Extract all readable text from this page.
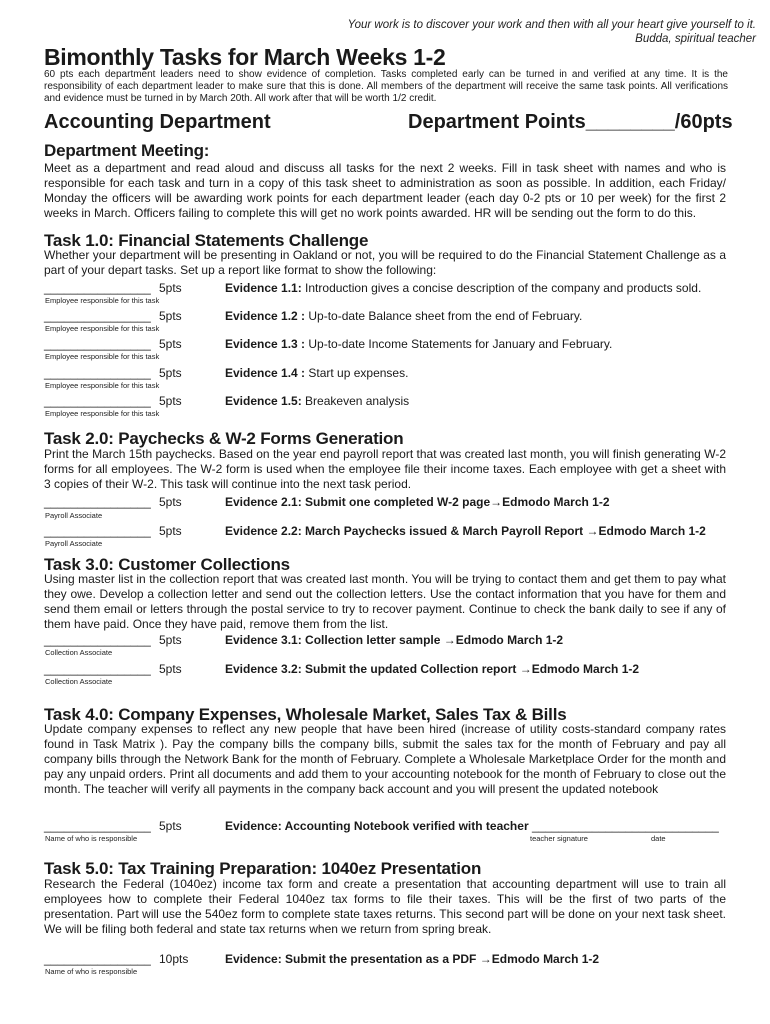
Your work is to discover your work and then with all your heart give yourself to it.
Budda, spiritual teacher
Bimonthly Tasks for March Weeks 1-2
60 pts each department leaders need to show evidence of completion. Tasks completed early can be turned in and verified at any time. It is the responsibility of each department leader to make sure that this is done. All members of the department will receive the same task points. All verifications and evidence must be turned in by March 20th. All work after that will be worth 1/2 credit.
Accounting Department	Department Points________/60pts
Department Meeting:
Meet as a department and read aloud and discuss all tasks for the next 2 weeks. Fill in task sheet with names and who is responsible for each task and turn in a copy of this task sheet to administration as soon as possible. In addition, each Friday/ Monday the officers will be awarding work points for each department leader (each day 0-2 pts or 10 per week) for the first 2 weeks in March. Officers failing to complete this will get no work points awarded. HR will be sending out the form to do this.
Task 1.0: Financial Statements Challenge
Whether your department will be presenting in Oakland or not, you will be required to do the Financial Statement Challenge as a part of your depart tasks. Set up a report like format to show the following:
________________ 5pts
Employee responsible for this task
Evidence 1.1: Introduction gives a concise description of the company and products sold.
________________ 5pts
Employee responsible for this task
Evidence 1.2 : Up-to-date Balance sheet from the end of February.
________________ 5pts
Employee responsible for this task
Evidence 1.3 : Up-to-date Income Statements for January and February.
________________ 5pts
Employee responsible for this task
Evidence 1.4 : Start up expenses.
________________ 5pts
Employee responsible for this task
Evidence 1.5: Breakeven analysis
Task 2.0: Paychecks & W-2 Forms Generation
Print the March 15th paychecks. Based on the year end payroll report that was created last month, you will finish generating W-2 forms for all employees. The W-2 form is used when the employee file their income taxes. Each employee with get a sheet with 3 copies of their W-2. This task will continue into the next task period.
________________ 5pts
Payroll Associate
Evidence 2.1: Submit one completed W-2 page→Edmodo March 1-2
________________ 5pts
Payroll Associate
Evidence 2.2: March Paychecks issued & March Payroll Report →Edmodo March 1-2
Task 3.0: Customer Collections
Using master list in the collection report that was created last month. You will be trying to contact them and get them to pay what they owe. Develop a collection letter and send out the collection letters. Use the contact information that you have for them and send them email or letters through the postal service to try to recover payment. Continue to check the bank daily to see if any of them have paid. Once they have paid, remove them from the list.
________________ 5pts
Collection Associate
Evidence 3.1: Collection letter sample →Edmodo March 1-2
________________ 5pts
Collection Associate
Evidence 3.2: Submit the updated Collection report →Edmodo March 1-2
Task 4.0: Company Expenses, Wholesale Market, Sales Tax & Bills
Update company expenses to reflect any new people that have been hired (increase of utility costs-standard company rates found in Task Matrix ). Pay the company bills the company bills, submit the sales tax for the month of February and pay all company bills through the Network Bank for the month of February. Complete a Wholesale Marketplace Order for the month and pay any unpaid orders. Print all documents and add them to your accounting notebook for the month of February to close out the month. The teacher will verify all payments in the company back account and you will present the updated notebook
________________ 5pts
Name of who is responsible
Evidence: Accounting Notebook verified with teacher ____________________________
teacher signature	date
Task 5.0: Tax Training Preparation: 1040ez Presentation
Research the Federal (1040ez) income tax form and create a presentation that accounting department will use to train all employees how to complete their Federal 1040ez tax forms to file their taxes. This will be the first of two parts of the presentation. Part will use the 540ez form to complete state taxes returns. This second part will be done on your next task sheet. We will be filing both federal and state tax returns when we return from spring break.
________________ 10pts
Name of who is responsible
Evidence: Submit the presentation as a PDF →Edmodo March 1-2
